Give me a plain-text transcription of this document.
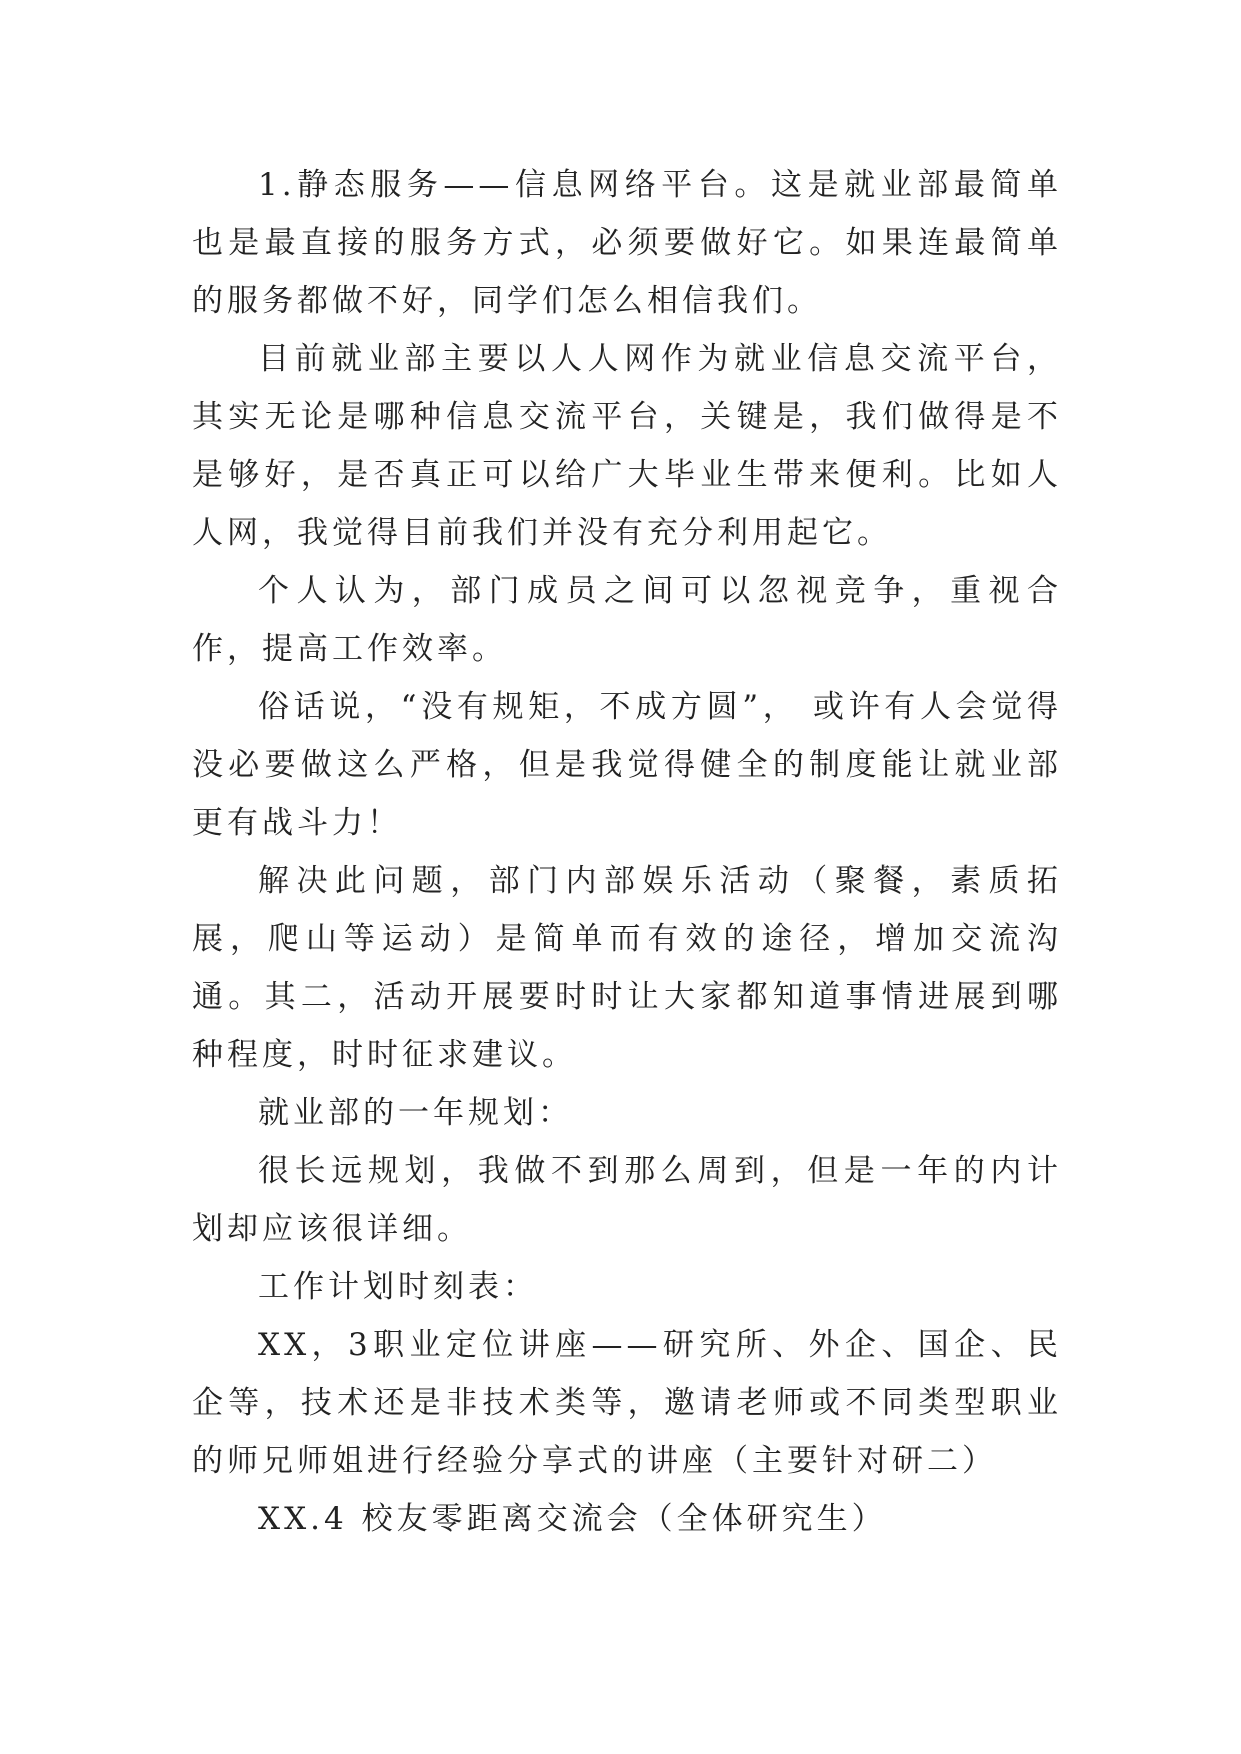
1.静态服务——信息网络平台。这是就业部最简单也是最直接的服务方式，必须要做好它。如果连最简单的服务都做不好，同学们怎么相信我们。

目前就业部主要以人人网作为就业信息交流平台，其实无论是哪种信息交流平台，关键是，我们做得是不是够好，是否真正可以给广大毕业生带来便利。比如人人网，我觉得目前我们并没有充分利用起它。

个人认为，部门成员之间可以忽视竞争，重视合作，提高工作效率。

俗话说，“没有规矩，不成方圆”， 或许有人会觉得没必要做这么严格，但是我觉得健全的制度能让就业部更有战斗力！

解决此问题，部门内部娱乐活动（聚餐，素质拓展，爬山等运动）是简单而有效的途径，增加交流沟通。其二，活动开展要时时让大家都知道事情进展到哪种程度，时时征求建议。

就业部的一年规划：

很长远规划，我做不到那么周到，但是一年的内计划却应该很详细。

工作计划时刻表：

XX，3职业定位讲座——研究所、外企、国企、民企等，技术还是非技术类等，邀请老师或不同类型职业的师兄师姐进行经验分享式的讲座（主要针对研二）

XX.4 校友零距离交流会（全体研究生）
